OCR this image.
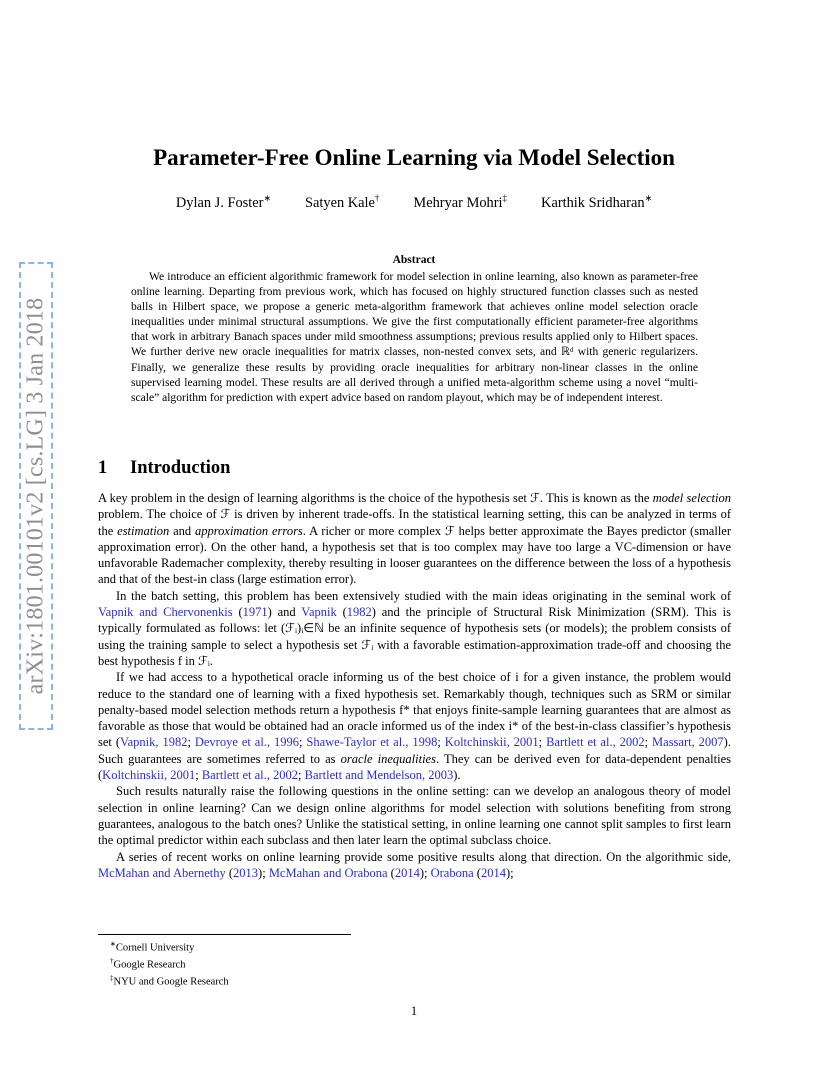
arXiv:1801.00101v2 [cs.LG] 3 Jan 2018
Parameter-Free Online Learning via Model Selection
Dylan J. Foster∗ Satyen Kale† Mehryar Mohri‡ Karthik Sridharan∗
Abstract

We introduce an efficient algorithmic framework for model selection in online learning, also known as parameter-free online learning. Departing from previous work, which has focused on highly structured function classes such as nested balls in Hilbert space, we propose a generic meta-algorithm framework that achieves online model selection oracle inequalities under minimal structural assumptions. We give the first computationally efficient parameter-free algorithms that work in arbitrary Banach spaces under mild smoothness assumptions; previous results applied only to Hilbert spaces. We further derive new oracle inequalities for matrix classes, non-nested convex sets, and ℝᵈ with generic regularizers. Finally, we generalize these results by providing oracle inequalities for arbitrary non-linear classes in the online supervised learning model. These results are all derived through a unified meta-algorithm scheme using a novel “multi-scale” algorithm for prediction with expert advice based on random playout, which may be of independent interest.

1 Introduction

A key problem in the design of learning algorithms is the choice of the hypothesis set ℱ. This is known as the model selection problem. The choice of ℱ is driven by inherent trade-offs. In the statistical learning setting, this can be analyzed in terms of the estimation and approximation errors. A richer or more complex ℱ helps better approximate the Bayes predictor (smaller approximation error). On the other hand, a hypothesis set that is too complex may have too large a VC-dimension or have unfavorable Rademacher complexity, thereby resulting in looser guarantees on the difference between the loss of a hypothesis and that of the best-in class (large estimation error).

In the batch setting, this problem has been extensively studied with the main ideas originating in the seminal work of Vapnik and Chervonenkis (1971) and Vapnik (1982) and the principle of Structural Risk Minimization (SRM). This is typically formulated as follows: let (ℱᵢ)ᵢ∈ℕ be an infinite sequence of hypothesis sets (or models); the problem consists of using the training sample to select a hypothesis set ℱᵢ with a favorable estimation-approximation trade-off and choosing the best hypothesis f in ℱᵢ.

If we had access to a hypothetical oracle informing us of the best choice of i for a given instance, the problem would reduce to the standard one of learning with a fixed hypothesis set. Remarkably though, techniques such as SRM or similar penalty-based model selection methods return a hypothesis f* that enjoys finite-sample learning guarantees that are almost as favorable as those that would be obtained had an oracle informed us of the index i* of the best-in-class classifier’s hypothesis set (Vapnik, 1982; Devroye et al., 1996; Shawe-Taylor et al., 1998; Koltchinskii, 2001; Bartlett et al., 2002; Massart, 2007). Such guarantees are sometimes referred to as oracle inequalities. They can be derived even for data-dependent penalties (Koltchinskii, 2001; Bartlett et al., 2002; Bartlett and Mendelson, 2003).

Such results naturally raise the following questions in the online setting: can we develop an analogous theory of model selection in online learning? Can we design online algorithms for model selection with solutions benefiting from strong guarantees, analogous to the batch ones? Unlike the statistical setting, in online learning one cannot split samples to first learn the optimal predictor within each subclass and then later learn the optimal subclass choice.

A series of recent works on online learning provide some positive results along that direction. On the algorithmic side, McMahan and Abernethy (2013); McMahan and Orabona (2014); Orabona (2014);

∗Cornell University
†Google Research
‡NYU and Google Research
1
